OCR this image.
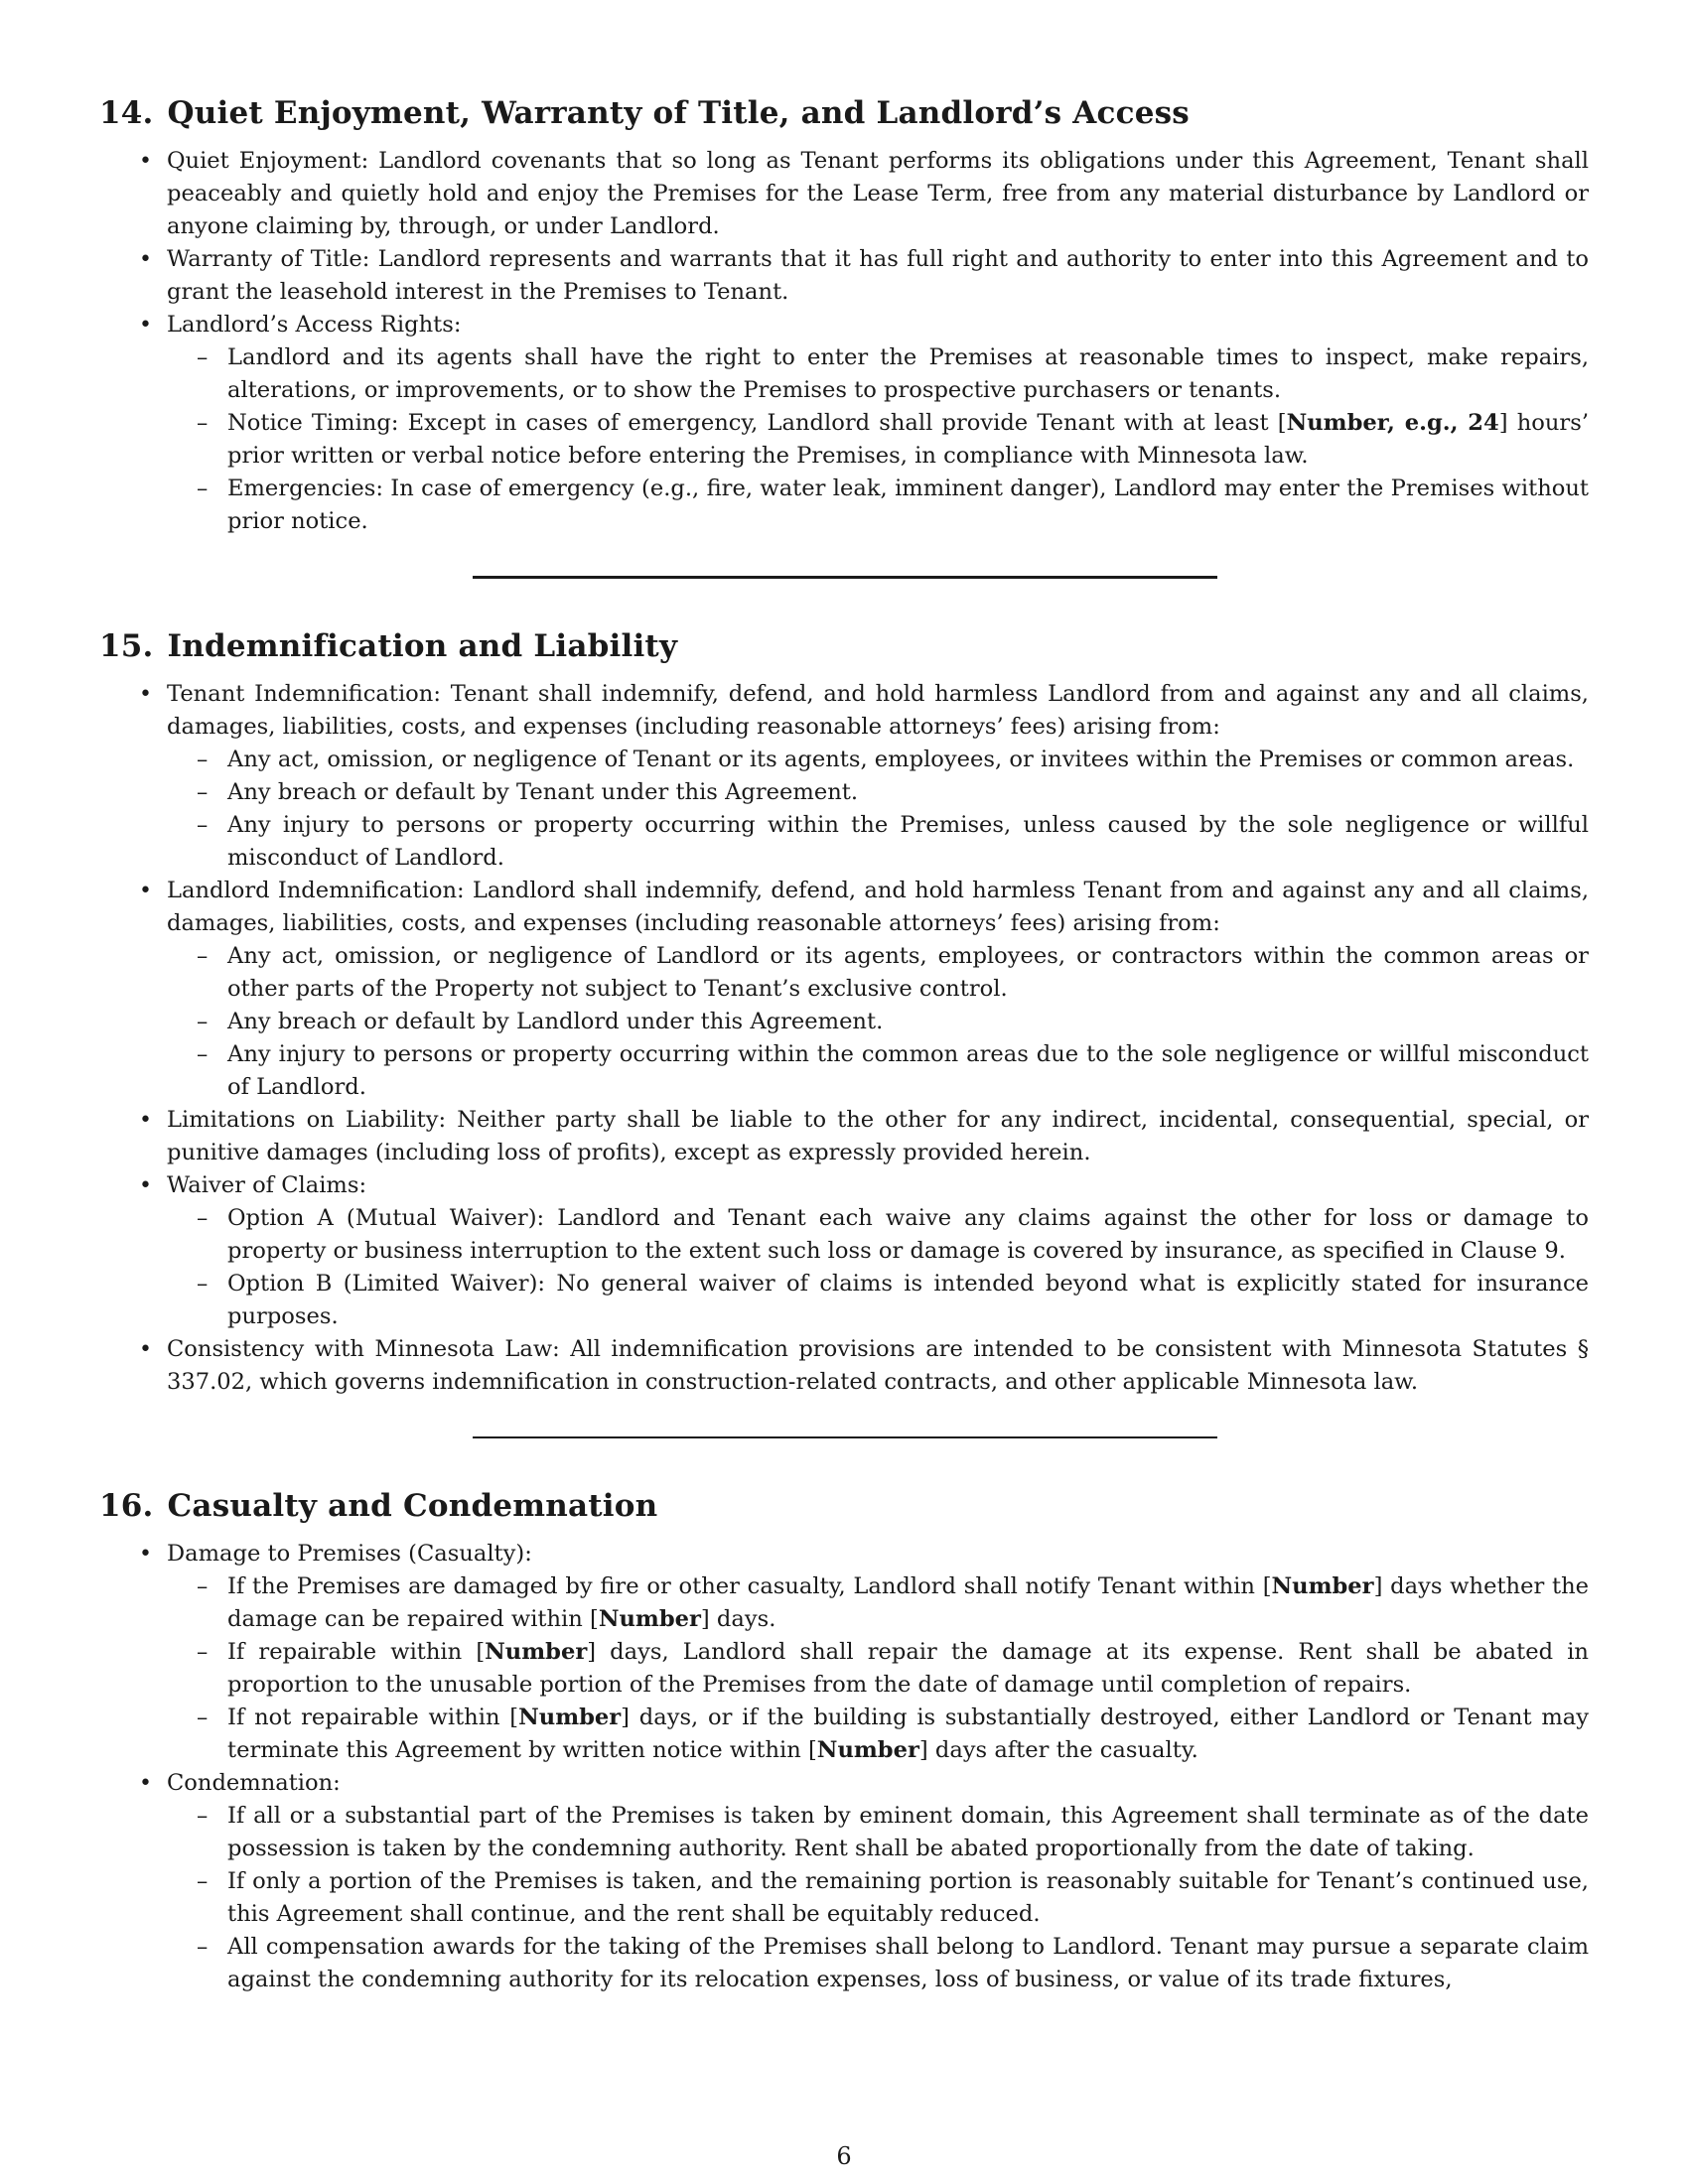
14. Quiet Enjoyment, Warranty of Title, and Landlord’s Access
• Quiet Enjoyment: Landlord covenants that so long as Tenant performs its obligations under this Agreement, Tenant shall peaceably and quietly hold and enjoy the Premises for the Lease Term, free from any material disturbance by Landlord or anyone claiming by, through, or under Landlord.
• Warranty of Title: Landlord represents and warrants that it has full right and authority to enter into this Agreement and to grant the leasehold interest in the Premises to Tenant.
• Landlord’s Access Rights:
– Landlord and its agents shall have the right to enter the Premises at reasonable times to inspect, make repairs, alterations, or improvements, or to show the Premises to prospective purchasers or tenants.
– Notice Timing: Except in cases of emergency, Landlord shall provide Tenant with at least [Number, e.g., 24] hours’ prior written or verbal notice before entering the Premises, in compliance with Minnesota law.
– Emergencies: In case of emergency (e.g., fire, water leak, imminent danger), Landlord may enter the Premises without prior notice.
15. Indemnification and Liability
• Tenant Indemnification: Tenant shall indemnify, defend, and hold harmless Landlord from and against any and all claims, damages, liabilities, costs, and expenses (including reasonable attorneys’ fees) arising from:
– Any act, omission, or negligence of Tenant or its agents, employees, or invitees within the Premises or common areas.
– Any breach or default by Tenant under this Agreement.
– Any injury to persons or property occurring within the Premises, unless caused by the sole negligence or willful misconduct of Landlord.
• Landlord Indemnification: Landlord shall indemnify, defend, and hold harmless Tenant from and against any and all claims, damages, liabilities, costs, and expenses (including reasonable attorneys’ fees) arising from:
– Any act, omission, or negligence of Landlord or its agents, employees, or contractors within the common areas or other parts of the Property not subject to Tenant’s exclusive control.
– Any breach or default by Landlord under this Agreement.
– Any injury to persons or property occurring within the common areas due to the sole negligence or willful misconduct of Landlord.
• Limitations on Liability: Neither party shall be liable to the other for any indirect, incidental, consequential, special, or punitive damages (including loss of profits), except as expressly provided herein.
• Waiver of Claims:
– Option A (Mutual Waiver): Landlord and Tenant each waive any claims against the other for loss or damage to property or business interruption to the extent such loss or damage is covered by insurance, as specified in Clause 9.
– Option B (Limited Waiver): No general waiver of claims is intended beyond what is explicitly stated for insurance purposes.
• Consistency with Minnesota Law: All indemnification provisions are intended to be consistent with Minnesota Statutes § 337.02, which governs indemnification in construction-related contracts, and other applicable Minnesota law.
16. Casualty and Condemnation
• Damage to Premises (Casualty):
– If the Premises are damaged by fire or other casualty, Landlord shall notify Tenant within [Number] days whether the damage can be repaired within [Number] days.
– If repairable within [Number] days, Landlord shall repair the damage at its expense. Rent shall be abated in proportion to the unusable portion of the Premises from the date of damage until completion of repairs.
– If not repairable within [Number] days, or if the building is substantially destroyed, either Landlord or Tenant may terminate this Agreement by written notice within [Number] days after the casualty.
• Condemnation:
– If all or a substantial part of the Premises is taken by eminent domain, this Agreement shall terminate as of the date possession is taken by the condemning authority. Rent shall be abated proportionally from the date of taking.
– If only a portion of the Premises is taken, and the remaining portion is reasonably suitable for Tenant’s continued use, this Agreement shall continue, and the rent shall be equitably reduced.
– All compensation awards for the taking of the Premises shall belong to Landlord. Tenant may pursue a separate claim against the condemning authority for its relocation expenses, loss of business, or value of its trade fixtures,
6
